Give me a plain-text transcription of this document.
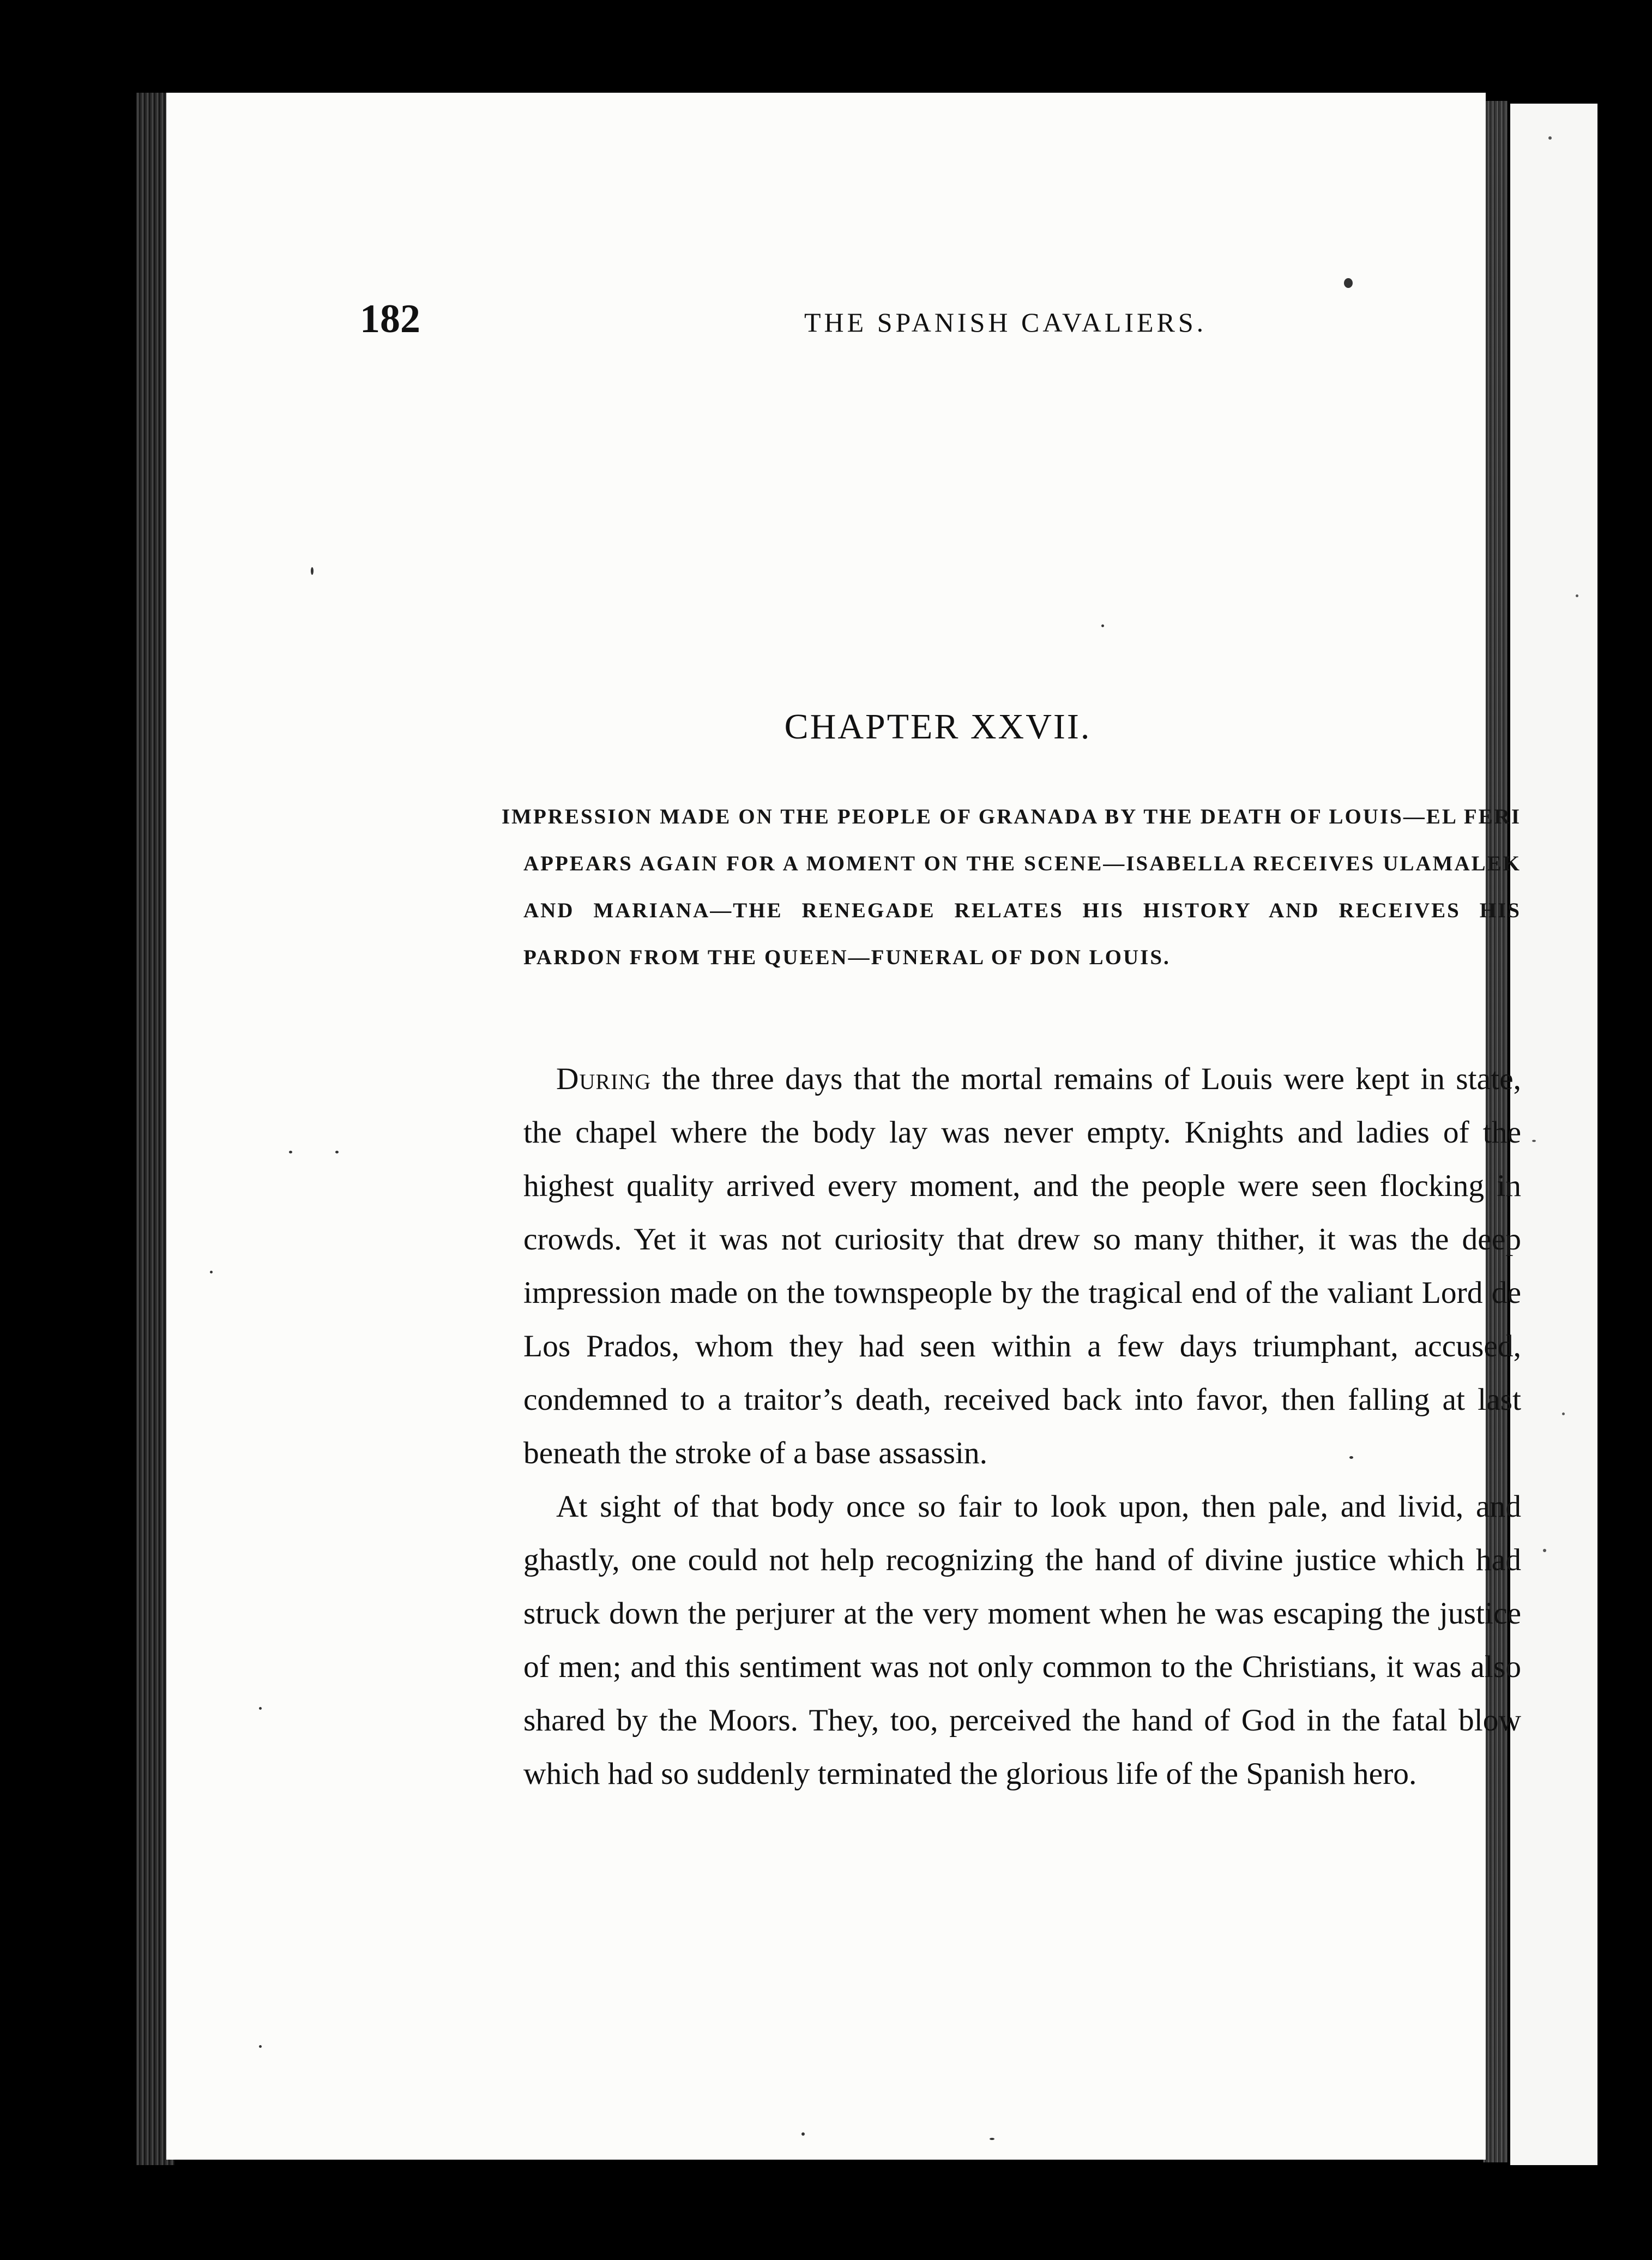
182	THE SPANISH CAVALIERS.
CHAPTER XXVII.

IMPRESSION MADE ON THE PEOPLE OF GRANADA BY THE DEATH OF LOUIS—EL FERI APPEARS AGAIN FOR A MOMENT ON THE SCENE—ISABELLA RECEIVES ULAMALEK AND MARIANA—THE RENEGADE RELATES HIS HISTORY AND RECEIVES HIS PARDON FROM THE QUEEN—FUNERAL OF DON LOUIS.

During the three days that the mortal remains of Louis were kept in state, the chapel where the body lay was never empty. Knights and ladies of the highest quality arrived every moment, and the people were seen flocking in crowds. Yet it was not curiosity that drew so many thither, it was the deep impression made on the townspeople by the tragical end of the valiant Lord de Los Prados, whom they had seen within a few days triumphant, accused, condemned to a traitor’s death, received back into favor, then falling at last beneath the stroke of a base assassin.

At sight of that body once so fair to look upon, then pale, and livid, and ghastly, one could not help recognizing the hand of divine justice which had struck down the perjurer at the very moment when he was escaping the justice of men; and this sentiment was not only common to the Christians, it was also shared by the Moors. They, too, perceived the hand of God in the fatal blow which had so suddenly terminated the glorious life of the Spanish hero.
